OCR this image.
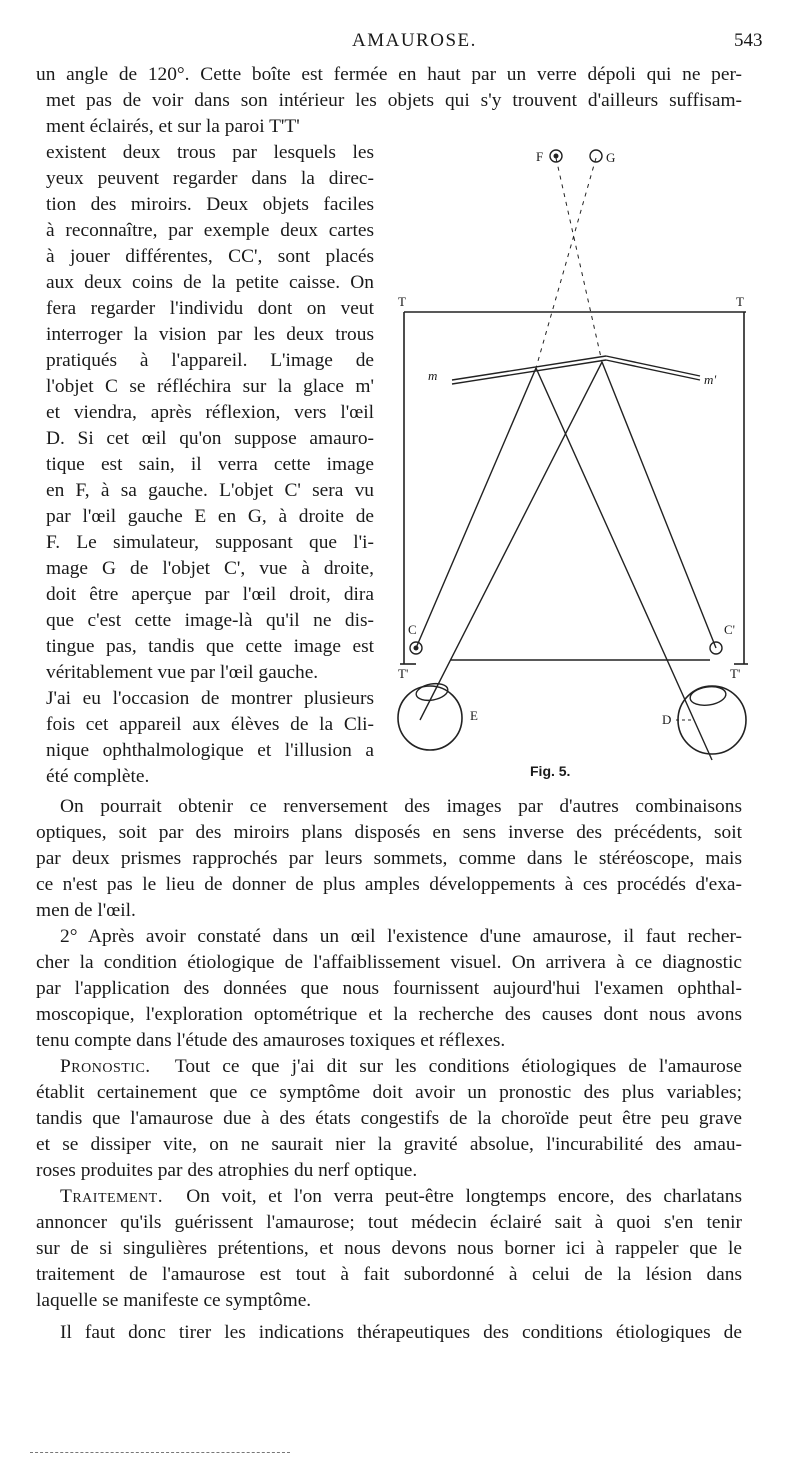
AMAUROSE.	543
un angle de 120°. Cette boîte est fermée en haut par un verre dépoli qui ne per-
met pas de voir dans son intérieur les objets qui s'y trouvent d'ailleurs suffisam-
ment éclairés, et sur la paroi T'T'
existent deux trous par lesquels les
yeux peuvent regarder dans la direc-
tion des miroirs. Deux objets faciles
à reconnaître, par exemple deux cartes
à jouer différentes, CC', sont placés
aux deux coins de la petite caisse. On
fera regarder l'individu dont on veut
interroger la vision par les deux trous
pratiqués à l'appareil. L'image de
l'objet C se réfléchira sur la glace m'
et viendra, après réflexion, vers l'œil
D. Si cet œil qu'on suppose amauro-
tique est sain, il verra cette image
en F, à sa gauche. L'objet C' sera vu
par l'œil gauche E en G, à droite de
F. Le simulateur, supposant que l'i-
mage G de l'objet C', vue à droite,
doit être aperçue par l'œil droit, dira
que c'est cette image-là qu'il ne dis-
tingue pas, tandis que cette image est
véritablement vue par l'œil gauche.
J'ai eu l'occasion de montrer plusieurs
fois cet appareil aux élèves de la Cli-
nique ophthalmologique et l'illusion a
été complète.
F	G
T	T
m	m'
C	C'
T'	T'
E	D
Fig. 5.
On pourrait obtenir ce renversement des images par d'autres combinaisons
optiques, soit par des miroirs plans disposés en sens inverse des précédents, soit
par deux prismes rapprochés par leurs sommets, comme dans le stéréoscope, mais
ce n'est pas le lieu de donner de plus amples développements à ces procédés d'exa-
men de l'œil.
2° Après avoir constaté dans un œil l'existence d'une amaurose, il faut recher-
cher la condition étiologique de l'affaiblissement visuel. On arrivera à ce diagnostic
par l'application des données que nous fournissent aujourd'hui l'examen ophthal-
moscopique, l'exploration optométrique et la recherche des causes dont nous avons
tenu compte dans l'étude des amauroses toxiques et réflexes.
Pronostic. Tout ce que j'ai dit sur les conditions étiologiques de l'amaurose
établit certainement que ce symptôme doit avoir un pronostic des plus variables;
tandis que l'amaurose due à des états congestifs de la choroïde peut être peu grave
et se dissiper vite, on ne saurait nier la gravité absolue, l'incurabilité des amau-
roses produites par des atrophies du nerf optique.
Traitement. On voit, et l'on verra peut-être longtemps encore, des charlatans
annoncer qu'ils guérissent l'amaurose; tout médecin éclairé sait à quoi s'en tenir
sur de si singulières prétentions, et nous devons nous borner ici à rappeler que le
traitement de l'amaurose est tout à fait subordonné à celui de la lésion dans
laquelle se manifeste ce symptôme.
Il faut donc tirer les indications thérapeutiques des conditions étiologiques de
